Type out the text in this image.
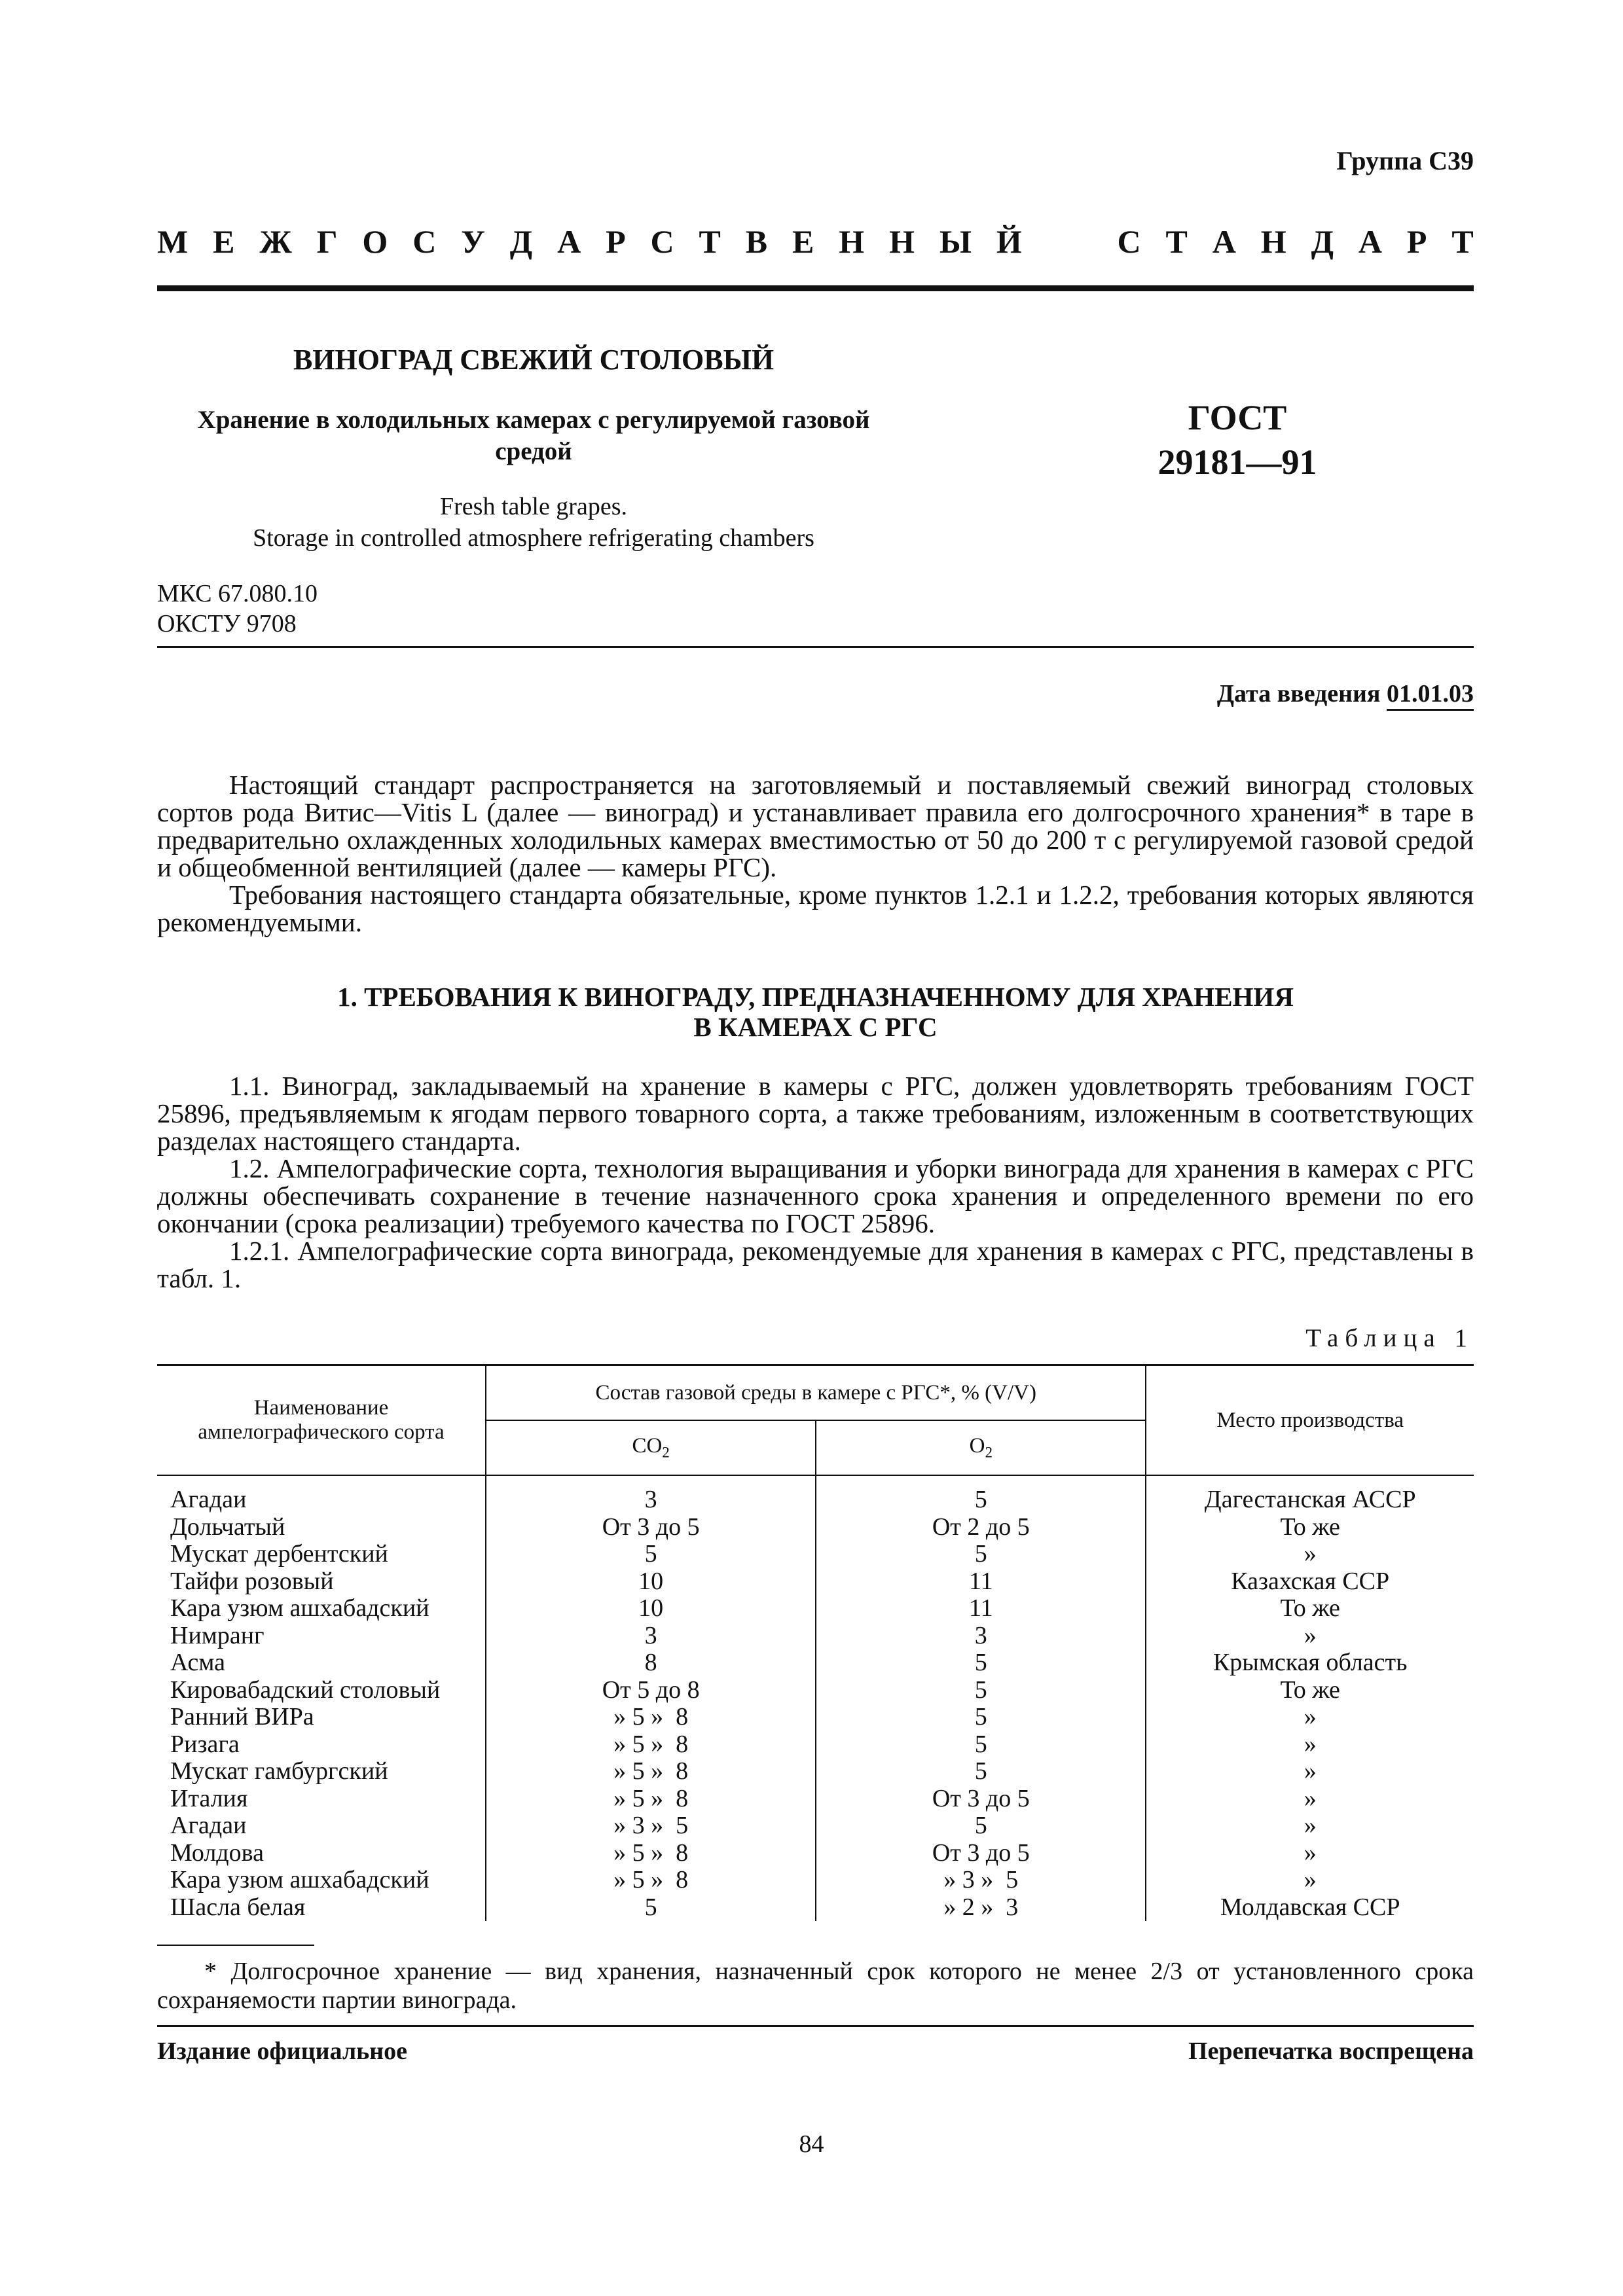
Группа С39
М Е Ж Г О С У Д А Р С Т В Е Н Н Ы Й	С Т А Н Д А Р Т
ВИНОГРАД СВЕЖИЙ СТОЛОВЫЙ
Хранение в холодильных камерах с регулируемой газовой
средой
ГОСТ
29181—91
Fresh table grapes.
Storage in controlled atmosphere refrigerating chambers
МКС 67.080.10
ОКСТУ 9708
Дата введения 01.01.03

Настоящий стандарт распространяется на заготовляемый и поставляемый свежий виноград столовых сортов рода Витис—Vitis L (далее — виноград) и устанавливает правила его долгосрочного хранения* в таре в предварительно охлажденных холодильных камерах вместимостью от 50 до 200 т с регулируемой газовой средой и общеобменной вентиляцией (далее — камеры РГС).

Требования настоящего стандарта обязательные, кроме пунктов 1.2.1 и 1.2.2, требования которых являются рекомендуемыми.

1. ТРЕБОВАНИЯ К ВИНОГРАДУ, ПРЕДНАЗНАЧЕННОМУ ДЛЯ ХРАНЕНИЯ
В КАМЕРАХ С РГС

1.1. Виноград, закладываемый на хранение в камеры с РГС, должен удовлетворять требованиям ГОСТ 25896, предъявляемым к ягодам первого товарного сорта, а также требованиям, изложенным в соответствующих разделах настоящего стандарта.

1.2. Ампелографические сорта, технология выращивания и уборки винограда для хранения в камерах с РГС должны обеспечивать сохранение в течение назначенного срока хранения и определенного времени по его окончании (срока реализации) требуемого качества по ГОСТ 25896.

1.2.1. Ампелографические сорта винограда, рекомендуемые для хранения в камерах с РГС, представлены в табл. 1.

Таблица 1
Наименование
ампелографического сорта	Состав газовой среды в камере с РГС*, % (V/V)		Место производства
	$CO_2$	$O_2$
Агадаи	3	5	Дагестанская АССР
Дольчатый	От 3 до 5	От 2 до 5	То же
Мускат дербентский	5	5	»
Тайфи розовый	10	11	Казахская ССР
Кара узюм ашхабадский	10	11	То же
Нимранг	3	3	»
Асма	8	5	Крымская область
Кировабадский столовый	От 5 до 8	5	То же
Ранний ВИРа	» 5 »  8	5	»
Ризага	» 5 »  8	5	»
Мускат гамбургский	» 5 »  8	5	»
Италия	» 5 »  8	От 3 до 5	»
Агадаи	» 3 »  5	5	»
Молдова	» 5 »  8	От 3 до 5	»
Кара узюм ашхабадский	» 5 »  8	» 3 »  5	»
Шасла белая	5	» 2 »  3	Молдавская ССР

* Долгосрочное хранение — вид хранения, назначенный срок которого не менее 2/3 от установленного срока сохраняемости партии винограда.

Издание официальное	Перепечатка воспрещена
84
